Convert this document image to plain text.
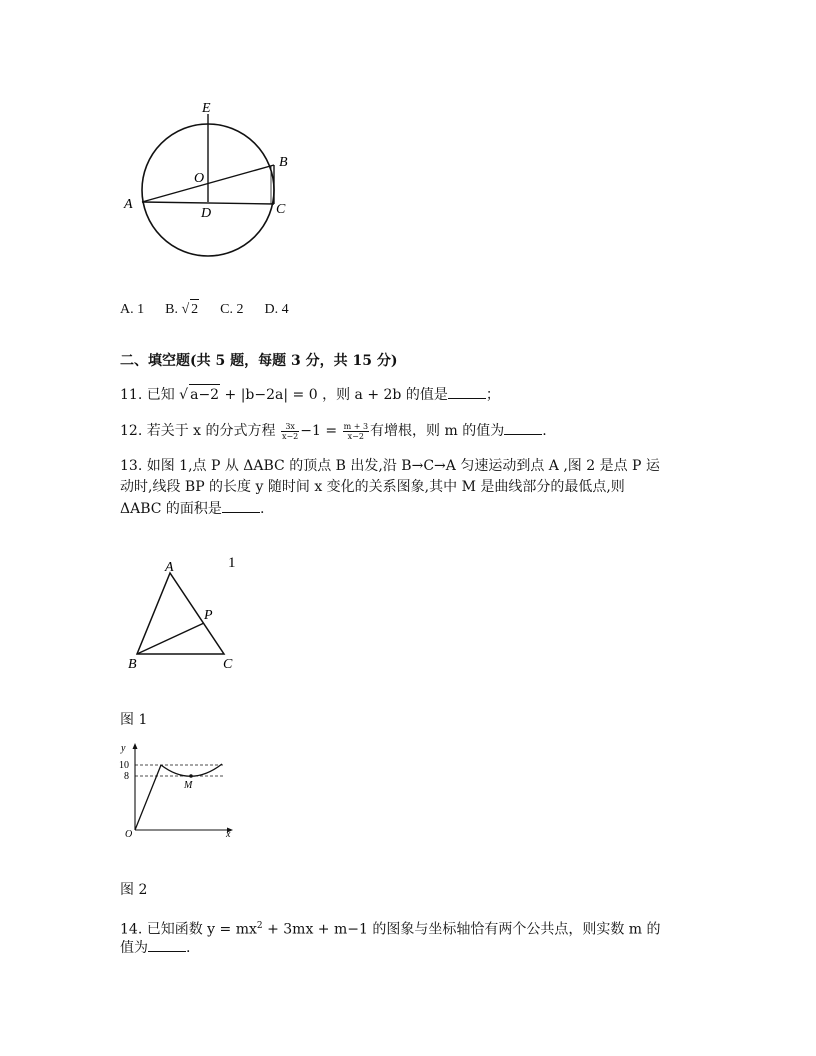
E
B
O
A
D	C
A. 1 B. √ 2 C. 2 D. 4
二、填空题(共 5 题，每题 3 分，共 15 分)
11. 已知 √ a−2 + |b−2a| = 0 ，则 a + 2b 的值是	；
12. 若关于 x 的分式方程 $\frac{3x}{x-2} -1 = \frac{m + 3}{x-2}$ 有增根，则 m 的值为	.
13. 如图 1,点 P 从 ΔABC 的顶点 B 出发,沿 B→C→A 匀速运动到点 A ,图 2 是点 P 运
动时,线段 BP 的长度 y 随时间 x 变化的关系图象,其中 M 是曲线部分的最低点,则
ΔABC 的面积是	.
A
P
B	C
1
图 1
y
10
8
M
O	x
图 2
14. 已知函数 $y = mx^2 + 3mx + m-1$ 的图象与坐标轴恰有两个公共点，则实数 m 的
值为	.
